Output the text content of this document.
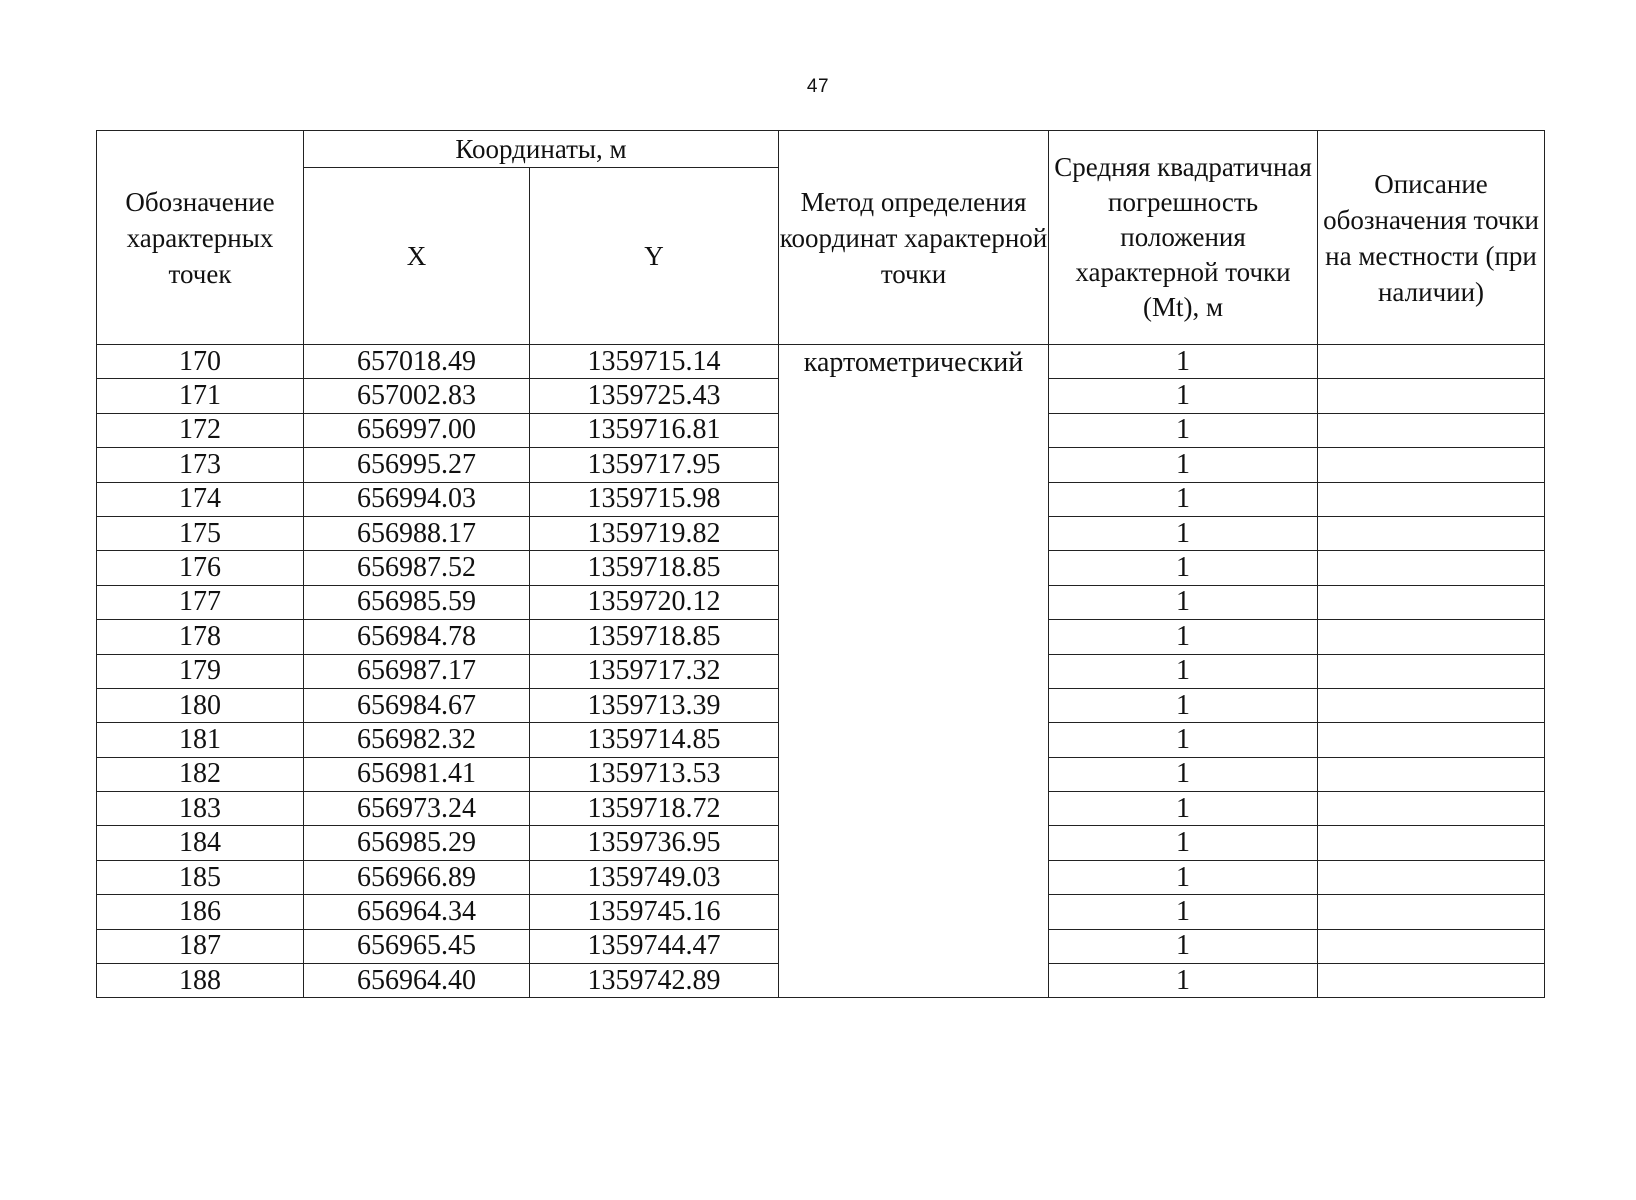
47
Обозначение характерных точек	Координаты, м		Метод определения координат характерной точки	Средняя квадратичная погрешность положения характерной точки (Mt), м	Описание обозначения точки на местности (при наличии)
	X	Y			
170	657018.49	1359715.14	картометрический	1	
171	657002.83	1359725.43		1	
172	656997.00	1359716.81		1	
173	656995.27	1359717.95		1	
174	656994.03	1359715.98		1	
175	656988.17	1359719.82		1	
176	656987.52	1359718.85		1	
177	656985.59	1359720.12		1	
178	656984.78	1359718.85		1	
179	656987.17	1359717.32		1	
180	656984.67	1359713.39		1	
181	656982.32	1359714.85		1	
182	656981.41	1359713.53		1	
183	656973.24	1359718.72		1	
184	656985.29	1359736.95		1	
185	656966.89	1359749.03		1	
186	656964.34	1359745.16		1	
187	656965.45	1359744.47		1	
188	656964.40	1359742.89		1	
